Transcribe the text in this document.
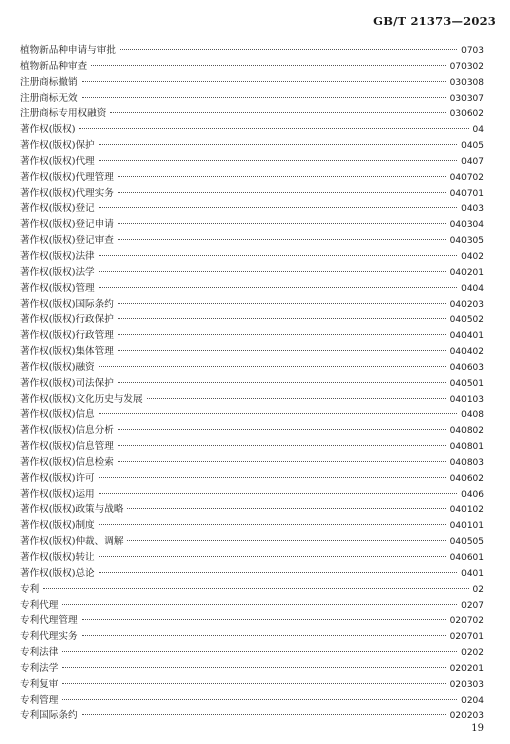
GB/T 21373—2023
植物新品种申请与审批	0703
植物新品种审查	070302
注册商标撤销	030308
注册商标无效	030307
注册商标专用权融资	030602
著作权(版权)	04
著作权(版权)保护	0405
著作权(版权)代理	0407
著作权(版权)代理管理	040702
著作权(版权)代理实务	040701
著作权(版权)登记	0403
著作权(版权)登记申请	040304
著作权(版权)登记审查	040305
著作权(版权)法律	0402
著作权(版权)法学	040201
著作权(版权)管理	0404
著作权(版权)国际条约	040203
著作权(版权)行政保护	040502
著作权(版权)行政管理	040401
著作权(版权)集体管理	040402
著作权(版权)融资	040603
著作权(版权)司法保护	040501
著作权(版权)文化历史与发展	040103
著作权(版权)信息	0408
著作权(版权)信息分析	040802
著作权(版权)信息管理	040801
著作权(版权)信息检索	040803
著作权(版权)许可	040602
著作权(版权)运用	0406
著作权(版权)政策与战略	040102
著作权(版权)制度	040101
著作权(版权)仲裁、调解	040505
著作权(版权)转让	040601
著作权(版权)总论	0401
专利	02
专利代理	0207
专利代理管理	020702
专利代理实务	020701
专利法律	0202
专利法学	020201
专利复审	020303
专利管理	0204
专利国际条约	020203
19
